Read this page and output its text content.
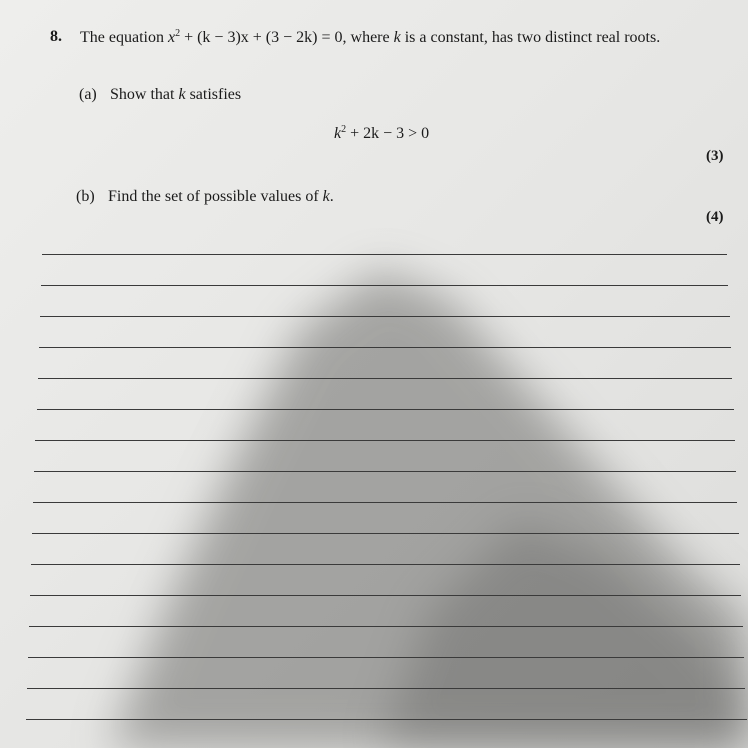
8. The equation $x^2 + (k - 3)x + (3 - 2k) = 0$, where k is a constant, has two distinct real roots.
(a) Show that k satisfies
$k^2 + 2k - 3 > 0$
(3)
(b) Find the set of possible values of k.
(4)
